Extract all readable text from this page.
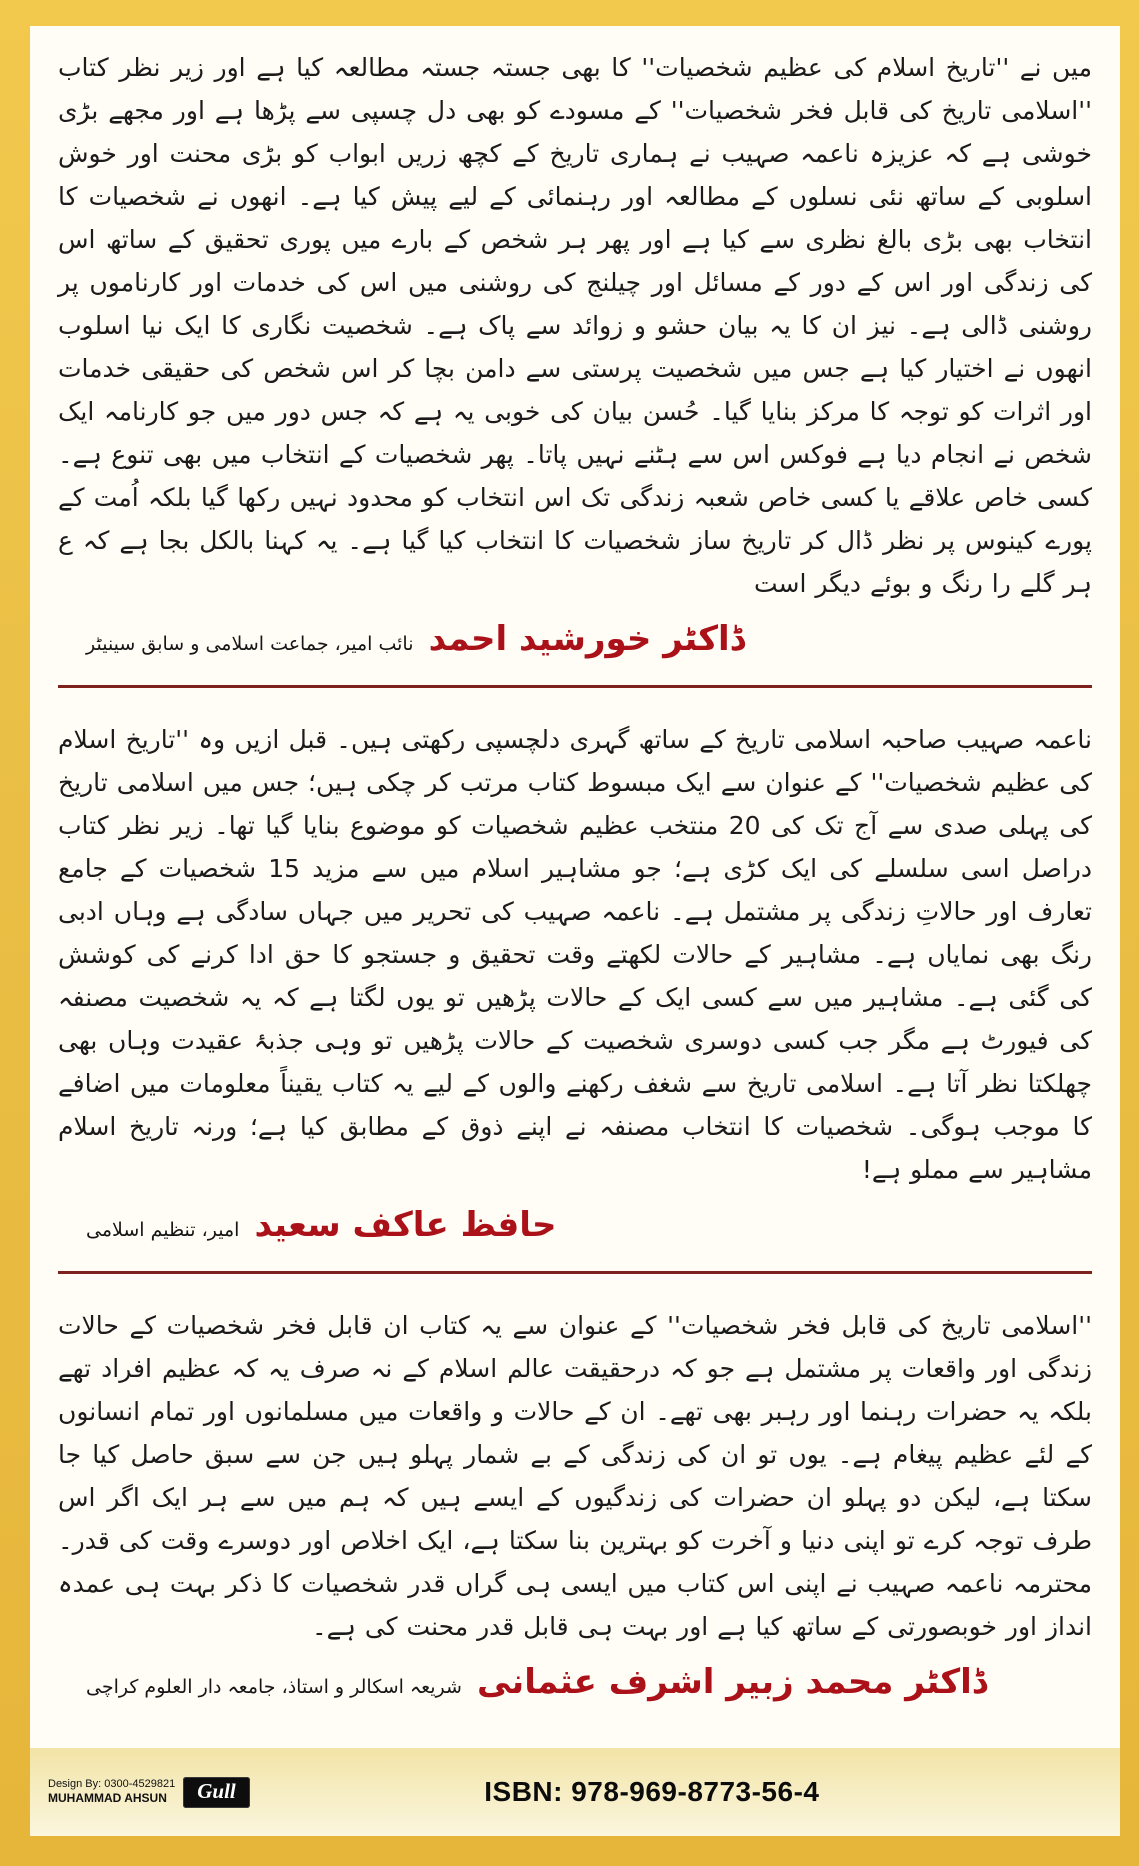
میں نے ''تاریخ اسلام کی عظیم شخصیات'' کا بھی جستہ جستہ مطالعہ کیا ہے اور زیر نظر کتاب ''اسلامی تاریخ کی قابل فخر شخصیات'' کے مسودے کو بھی دل چسپی سے پڑھا ہے اور مجھے بڑی خوشی ہے کہ عزیزہ ناعمہ صہیب نے ہماری تاریخ کے کچھ زریں ابواب کو بڑی محنت اور خوش اسلوبی کے ساتھ نئی نسلوں کے مطالعہ اور رہنمائی کے لیے پیش کیا ہے۔ انھوں نے شخصیات کا انتخاب بھی بڑی بالغ نظری سے کیا ہے اور پھر ہر شخص کے بارے میں پوری تحقیق کے ساتھ اس کی زندگی اور اس کے دور کے مسائل اور چیلنج کی روشنی میں اس کی خدمات اور کارناموں پر روشنی ڈالی ہے۔ نیز ان کا یہ بیان حشو و زوائد سے پاک ہے۔ شخصیت نگاری کا ایک نیا اسلوب انھوں نے اختیار کیا ہے جس میں شخصیت پرستی سے دامن بچا کر اس شخص کی حقیقی خدمات اور اثرات کو توجہ کا مرکز بنایا گیا۔ حُسن بیان کی خوبی یہ ہے کہ جس دور میں جو کارنامہ ایک شخص نے انجام دیا ہے فوکس اس سے ہٹنے نہیں پاتا۔ پھر شخصیات کے انتخاب میں بھی تنوع ہے۔ کسی خاص علاقے یا کسی خاص شعبہ زندگی تک اس انتخاب کو محدود نہیں رکھا گیا بلکہ اُمت کے پورے کینوس پر نظر ڈال کر تاریخ ساز شخصیات کا انتخاب کیا گیا ہے۔ یہ کہنا بالکل بجا ہے کہ ع ہر گلے را رنگ و بوئے دیگر است

ڈاکٹر خورشید احمد نائب امیر، جماعت اسلامی و سابق سینیٹر

ناعمہ صہیب صاحبہ اسلامی تاریخ کے ساتھ گہری دلچسپی رکھتی ہیں۔ قبل ازیں وہ ''تاریخ اسلام کی عظیم شخصیات'' کے عنوان سے ایک مبسوط کتاب مرتب کر چکی ہیں؛ جس میں اسلامی تاریخ کی پہلی صدی سے آج تک کی 20 منتخب عظیم شخصیات کو موضوع بنایا گیا تھا۔ زیر نظر کتاب دراصل اسی سلسلے کی ایک کڑی ہے؛ جو مشاہیر اسلام میں سے مزید 15 شخصیات کے جامع تعارف اور حالاتِ زندگی پر مشتمل ہے۔ ناعمہ صہیب کی تحریر میں جہاں سادگی ہے وہاں ادبی رنگ بھی نمایاں ہے۔ مشاہیر کے حالات لکھتے وقت تحقیق و جستجو کا حق ادا کرنے کی کوشش کی گئی ہے۔ مشاہیر میں سے کسی ایک کے حالات پڑھیں تو یوں لگتا ہے کہ یہ شخصیت مصنفہ کی فیورٹ ہے مگر جب کسی دوسری شخصیت کے حالات پڑھیں تو وہی جذبۂ عقیدت وہاں بھی چھلکتا نظر آتا ہے۔ اسلامی تاریخ سے شغف رکھنے والوں کے لیے یہ کتاب یقیناً معلومات میں اضافے کا موجب ہوگی۔ شخصیات کا انتخاب مصنفہ نے اپنے ذوق کے مطابق کیا ہے؛ ورنہ تاریخ اسلام مشاہیر سے مملو ہے!

حافظ عاکف سعید امیر، تنظیم اسلامی

''اسلامی تاریخ کی قابل فخر شخصیات'' کے عنوان سے یہ کتاب ان قابل فخر شخصیات کے حالات زندگی اور واقعات پر مشتمل ہے جو کہ درحقیقت عالم اسلام کے نہ صرف یہ کہ عظیم افراد تھے بلکہ یہ حضرات رہنما اور رہبر بھی تھے۔ ان کے حالات و واقعات میں مسلمانوں اور تمام انسانوں کے لئے عظیم پیغام ہے۔ یوں تو ان کی زندگی کے بے شمار پہلو ہیں جن سے سبق حاصل کیا جا سکتا ہے، لیکن دو پہلو ان حضرات کی زندگیوں کے ایسے ہیں کہ ہم میں سے ہر ایک اگر اس طرف توجہ کرے تو اپنی دنیا و آخرت کو بہترین بنا سکتا ہے، ایک اخلاص اور دوسرے وقت کی قدر۔ محترمہ ناعمہ صہیب نے اپنی اس کتاب میں ایسی ہی گراں قدر شخصیات کا ذکر بہت ہی عمدہ انداز اور خوبصورتی کے ساتھ کیا ہے اور بہت ہی قابل قدر محنت کی ہے۔

ڈاکٹر محمد زبیر اشرف عثمانی شریعہ اسکالر و استاذ، جامعہ دار العلوم کراچی
Design By: 0300-4529821
MUHAMMAD AHSUN	Gull	ISBN: 978-969-8773-56-4
